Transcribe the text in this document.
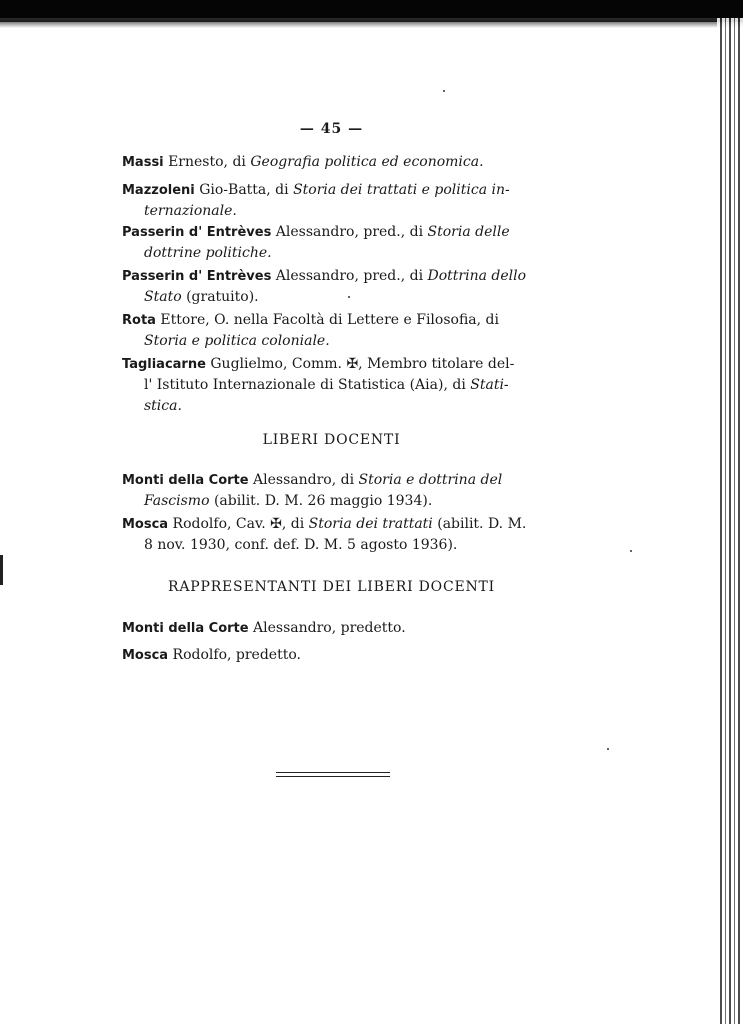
— 45 —
Massi Ernesto, di Geografia politica ed economica.
Mazzoleni Gio-Batta, di Storia dei trattati e politica in-
ternazionale.
Passerin d' Entrèves Alessandro, pred., di Storia delle
dottrine politiche.
Passerin d' Entrèves Alessandro, pred., di Dottrina dello
Stato (gratuito).
Rota Ettore, O. nella Facoltà di Lettere e Filosofia, di
Storia e politica coloniale.
Tagliacarne Guglielmo, Comm. ✠, Membro titolare del-
l' Istituto Internazionale di Statistica (Aia), di Stati-
stica.
LIBERI DOCENTI
Monti della Corte Alessandro, di Storia e dottrina del
Fascismo (abilit. D. M. 26 maggio 1934).
Mosca Rodolfo, Cav. ✠, di Storia dei trattati (abilit. D. M.
8 nov. 1930, conf. def. D. M. 5 agosto 1936).
RAPPRESENTANTI DEI LIBERI DOCENTI
Monti della Corte Alessandro, predetto.
Mosca Rodolfo, predetto.
